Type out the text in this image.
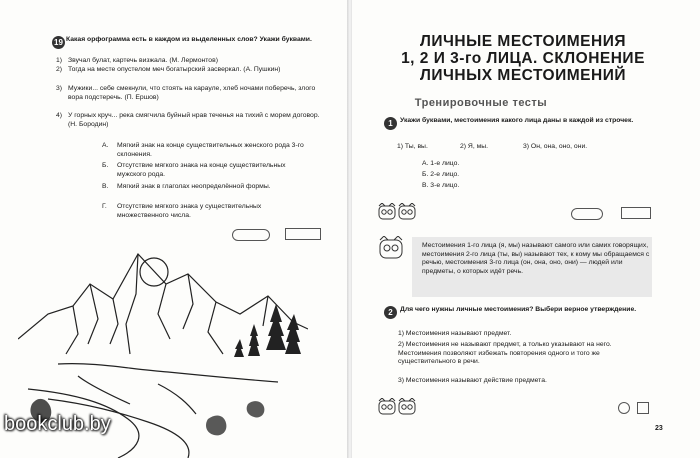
19 Какая орфограмма есть в каждом из выделенных слов? Укажи буквами.
1) Звучал булат, картечь визжала. (М. Лермонтов)
2) Тогда на месте опустелом меч богатырский засверкал. (А. Пушкин)
3) Мужики... себе смекнули, что стоять на карауле, хлеб ночами поберечь, злого вора подстеречь. (П. Ершов)
4) У горных круч... река смягчила буйный нрав теченья на тихий с морем договор. (Н. Бородин)
А. Мягкий знак на конце существительных женского рода 3-го склонения.
Б. Отсутствие мягкого знака на конце существительных мужского рода.
В. Мягкий знак в глаголах неопределённой формы.
Г. Отсутствие мягкого знака у существительных множественного числа.
ЛИЧНЫЕ МЕСТОИМЕНИЯ
1, 2 И 3-го ЛИЦА. СКЛОНЕНИЕ
ЛИЧНЫХ МЕСТОИМЕНИЙ
Тренировочные тесты
1	Укажи буквами, местоимения какого лица даны в каждой из строчек.
1) Ты, вы.	2) Я, мы.	3) Он, она, оно, они.
А. 1-е лицо.
Б. 2-е лицо.
В. 3-е лицо.
Местоимения 1-го лица (я, мы) называют самого или самих говорящих, местоимения 2-го лица (ты, вы) называют тех, к кому мы обращаемся с речью, местоимения 3-го лица (он, она, оно, они) — людей или предметы, о которых идёт речь.
2	Для чего нужны личные местоимения? Выбери верное утверждение.
1) Местоимения называют предмет.
2) Местоимения не называют предмет, а только указывают на него. Местоимения позволяют избежать повторения одного и того же существительного в речи.
3) Местоимения называют действие предмета.
23
bookclub.by
